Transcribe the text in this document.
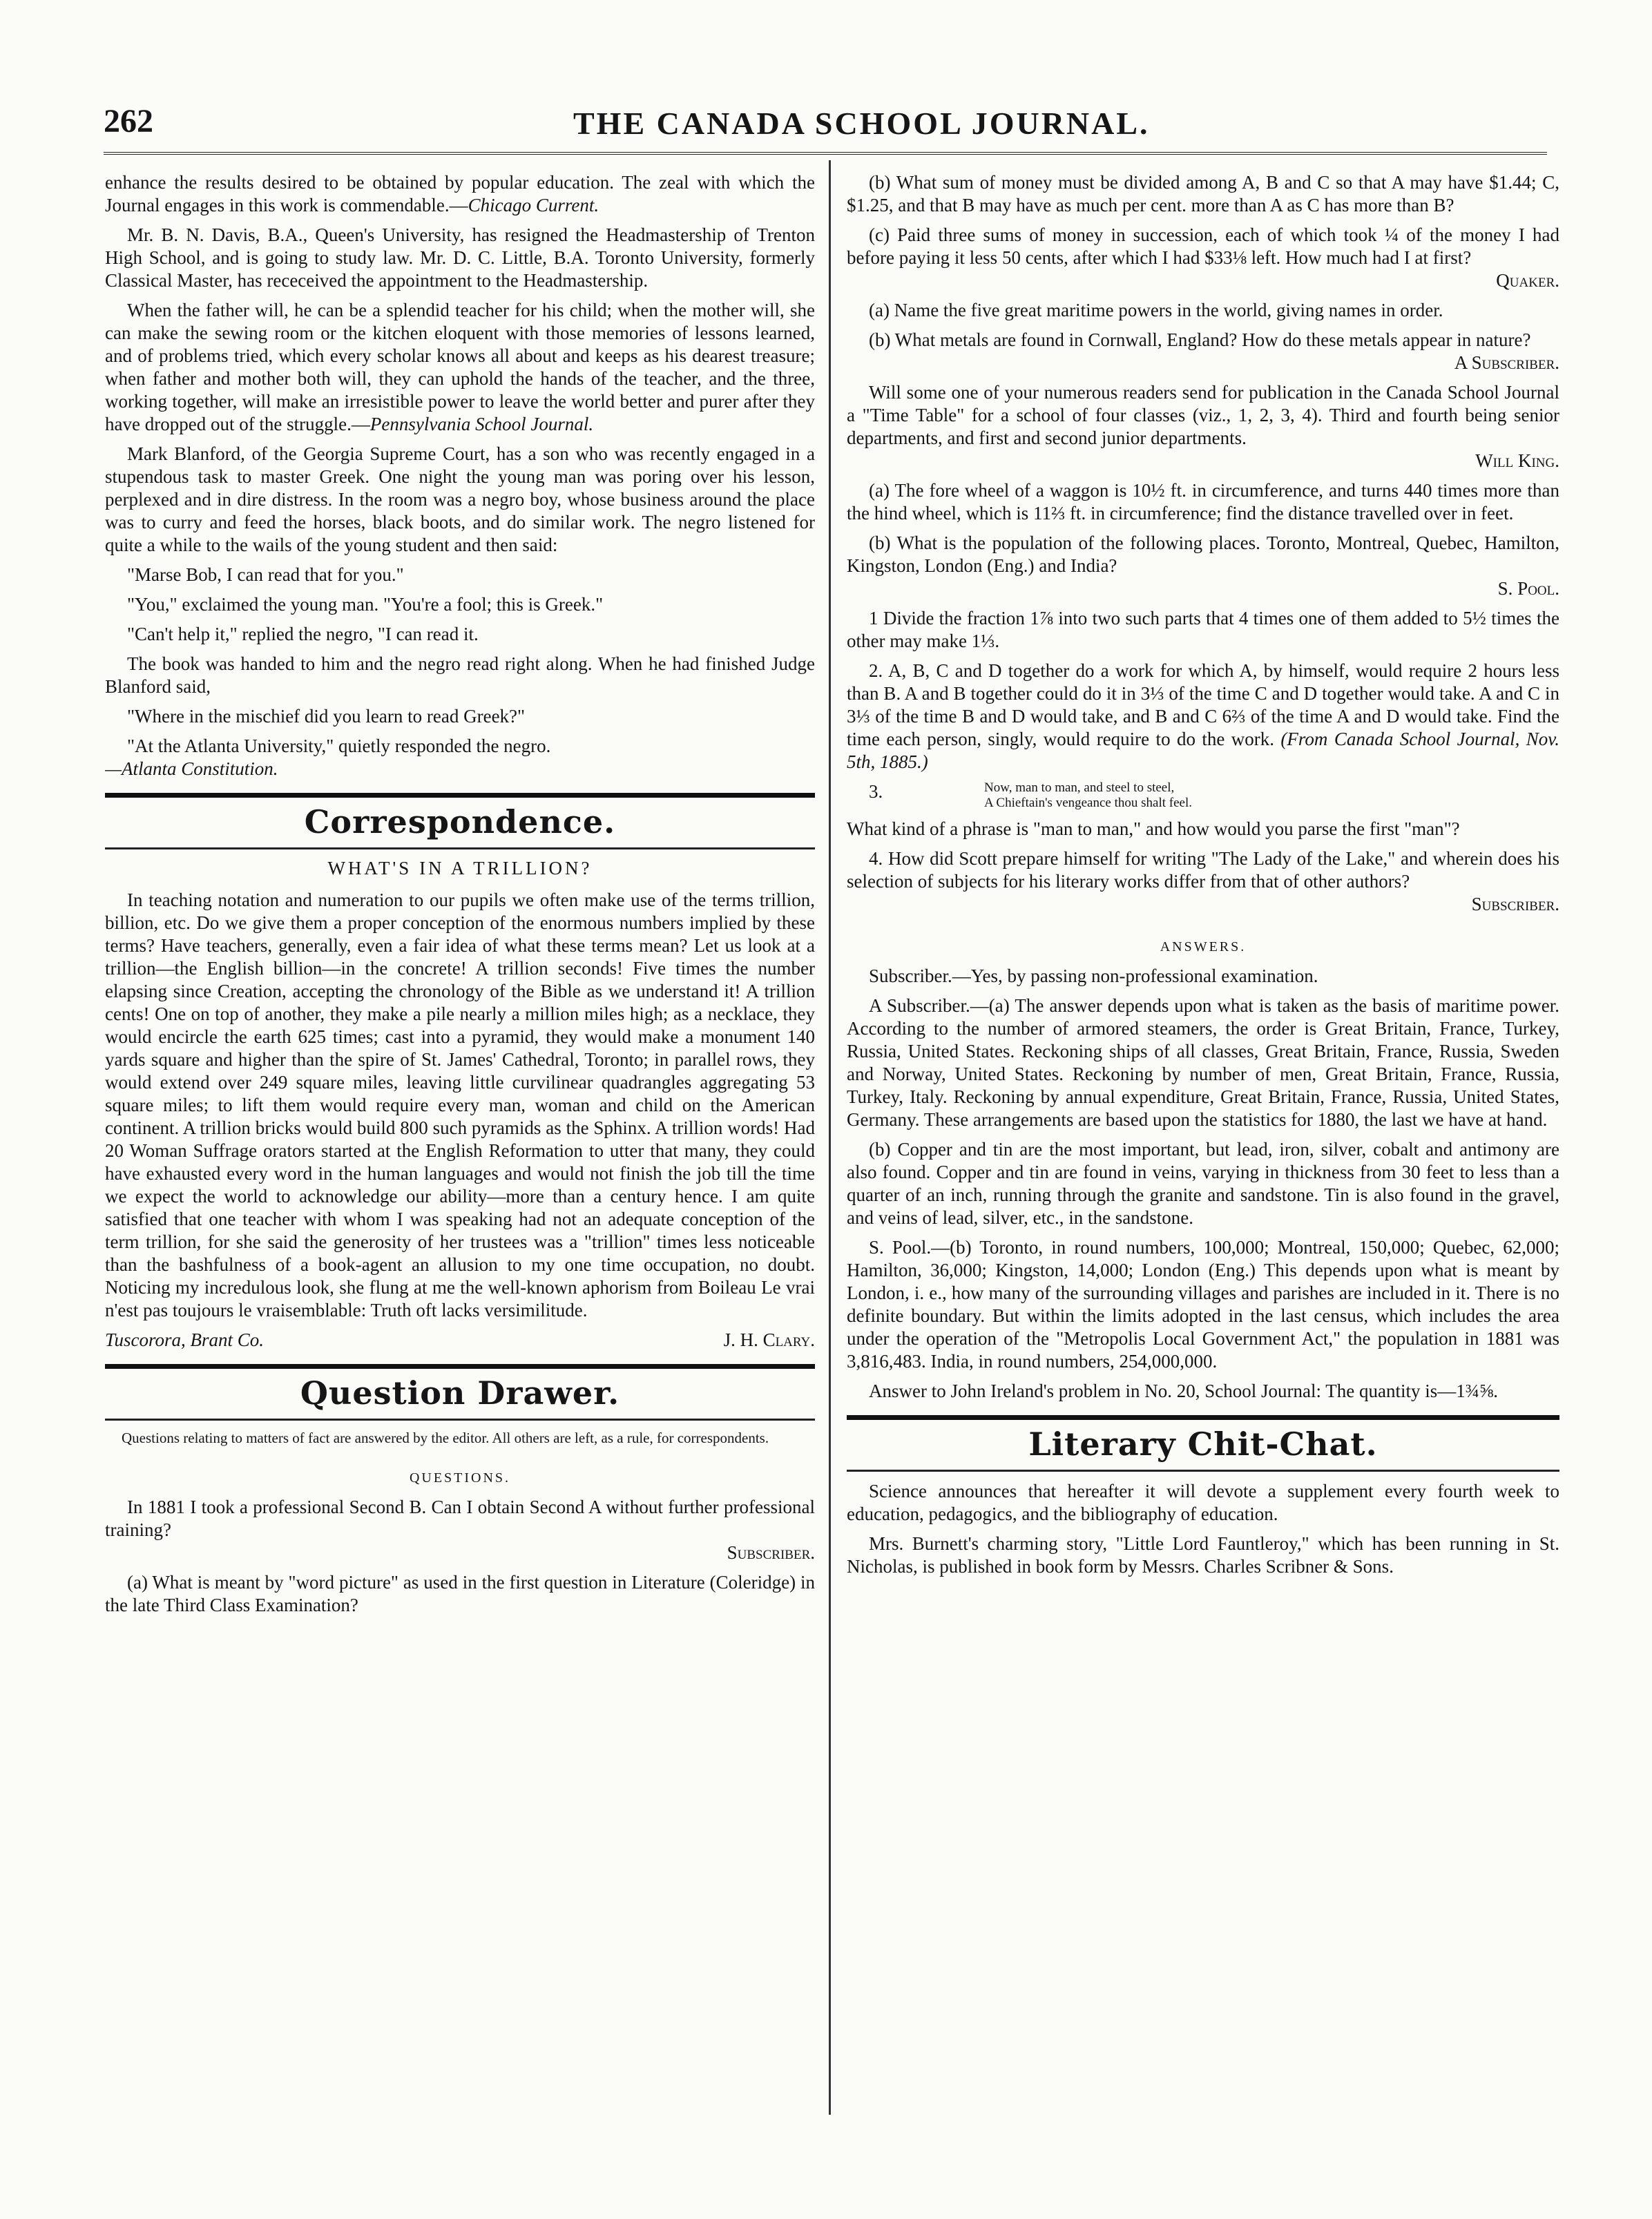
262	THE CANADA SCHOOL JOURNAL.

enhance the results desired to be obtained by popular education. The zeal with which the Journal engages in this work is commendable.—Chicago Current.

Mr. B. N. Davis, B.A., Queen's University, has resigned the Headmastership of Trenton High School, and is going to study law. Mr. D. C. Little, B.A. Toronto University, formerly Classical Master, has receceived the appointment to the Headmastership.

When the father will, he can be a splendid teacher for his child; when the mother will, she can make the sewing room or the kitchen eloquent with those memories of lessons learned, and of problems tried, which every scholar knows all about and keeps as his dearest treasure; when father and mother both will, they can uphold the hands of the teacher, and the three, working together, will make an irresistible power to leave the world better and purer after they have dropped out of the struggle.—Pennsylvania School Journal.

Mark Blanford, of the Georgia Supreme Court, has a son who was recently engaged in a stupendous task to master Greek. One night the young man was poring over his lesson, perplexed and in dire distress. In the room was a negro boy, whose business around the place was to curry and feed the horses, black boots, and do similar work. The negro listened for quite a while to the wails of the young student and then said:

"Marse Bob, I can read that for you."

"You," exclaimed the young man. "You're a fool; this is Greek."

"Can't help it," replied the negro, "I can read it.

The book was handed to him and the negro read right along. When he had finished Judge Blanford said,

"Where in the mischief did you learn to read Greek?"

"At the Atlanta University," quietly responded the negro.
—Atlanta Constitution.

Correspondence.
WHAT'S IN A TRILLION?

In teaching notation and numeration to our pupils we often make use of the terms trillion, billion, etc. Do we give them a proper conception of the enormous numbers implied by these terms? Have teachers, generally, even a fair idea of what these terms mean? Let us look at a trillion—the English billion—in the concrete! A trillion seconds! Five times the number elapsing since Creation, accepting the chronology of the Bible as we understand it! A trillion cents! One on top of another, they make a pile nearly a million miles high; as a necklace, they would encircle the earth 625 times; cast into a pyramid, they would make a monument 140 yards square and higher than the spire of St. James' Cathedral, Toronto; in parallel rows, they would extend over 249 square miles, leaving little curvilinear quadrangles aggregating 53 square miles; to lift them would require every man, woman and child on the American continent. A trillion bricks would build 800 such pyramids as the Sphinx. A trillion words! Had 20 Woman Suffrage orators started at the English Reformation to utter that many, they could have exhausted every word in the human languages and would not finish the job till the time we expect the world to acknowledge our ability—more than a century hence. I am quite satisfied that one teacher with whom I was speaking had not an adequate conception of the term trillion, for she said the generosity of her trustees was a "trillion" times less noticeable than the bashfulness of a book-agent an allusion to my one time occupation, no doubt. Noticing my incredulous look, she flung at me the well-known aphorism from Boileau Le vrai n'est pas toujours le vraisemblable: Truth oft lacks versimilitude.

Tuscorora, Brant Co.	J. H. Clary.

Question Drawer.

Questions relating to matters of fact are answered by the editor. All others are left, as a rule, for correspondents.

QUESTIONS.

In 1881 I took a professional Second B. Can I obtain Second A without further professional training?
Subscriber.

(a) What is meant by "word picture" as used in the first question in Literature (Coleridge) in the late Third Class Examination?

(b) What sum of money must be divided among A, B and C so that A may have $1.44; C, $1.25, and that B may have as much per cent. more than A as C has more than B?

(c) Paid three sums of money in succession, each of which took ¼ of the money I had before paying it less 50 cents, after which I had $33⅛ left. How much had I at first?
Quaker.

(a) Name the five great maritime powers in the world, giving names in order.

(b) What metals are found in Cornwall, England? How do these metals appear in nature?
A Subscriber.

Will some one of your numerous readers send for publication in the Canada School Journal a "Time Table" for a school of four classes (viz., 1, 2, 3, 4). Third and fourth being senior departments, and first and second junior departments.
Will King.

(a) The fore wheel of a waggon is 10½ ft. in circumference, and turns 440 times more than the hind wheel, which is 11⅔ ft. in circumference; find the distance travelled over in feet.

(b) What is the population of the following places. Toronto, Montreal, Quebec, Hamilton, Kingston, London (Eng.) and India?
S. Pool.

1 Divide the fraction 1⅞ into two such parts that 4 times one of them added to 5½ times the other may make 1⅓.

2. A, B, C and D together do a work for which A, by himself, would require 2 hours less than B. A and B together could do it in 3⅓ of the time C and D together would take. A and C in 3⅓ of the time B and D would take, and B and C 6⅔ of the time A and D would take. Find the time each person, singly, would require to do the work. (From Canada School Journal, Nov. 5th, 1885.)

3.	Now, man to man, and steel to steel,
A Chieftain's vengeance thou shalt feel.

What kind of a phrase is "man to man," and how would you parse the first "man"?

4. How did Scott prepare himself for writing "The Lady of the Lake," and wherein does his selection of subjects for his literary works differ from that of other authors?
Subscriber.

ANSWERS.

Subscriber.—Yes, by passing non-professional examination.

A Subscriber.—(a) The answer depends upon what is taken as the basis of maritime power. According to the number of armored steamers, the order is Great Britain, France, Turkey, Russia, United States. Reckoning ships of all classes, Great Britain, France, Russia, Sweden and Norway, United States. Reckoning by number of men, Great Britain, France, Russia, Turkey, Italy. Reckoning by annual expenditure, Great Britain, France, Russia, United States, Germany. These arrangements are based upon the statistics for 1880, the last we have at hand.

(b) Copper and tin are the most important, but lead, iron, silver, cobalt and antimony are also found. Copper and tin are found in veins, varying in thickness from 30 feet to less than a quarter of an inch, running through the granite and sandstone. Tin is also found in the gravel, and veins of lead, silver, etc., in the sandstone.

S. Pool.—(b) Toronto, in round numbers, 100,000; Montreal, 150,000; Quebec, 62,000; Hamilton, 36,000; Kingston, 14,000; London (Eng.) This depends upon what is meant by London, i. e., how many of the surrounding villages and parishes are included in it. There is no definite boundary. But within the limits adopted in the last census, which includes the area under the operation of the "Metropolis Local Government Act," the population in 1881 was 3,816,483. India, in round numbers, 254,000,000.

Answer to John Ireland's problem in No. 20, School Journal: The quantity is—1¾⅝.

Literary Chit-Chat.

Science announces that hereafter it will devote a supplement every fourth week to education, pedagogics, and the bibliography of education.

Mrs. Burnett's charming story, "Little Lord Fauntleroy," which has been running in St. Nicholas, is published in book form by Messrs. Charles Scribner & Sons.
